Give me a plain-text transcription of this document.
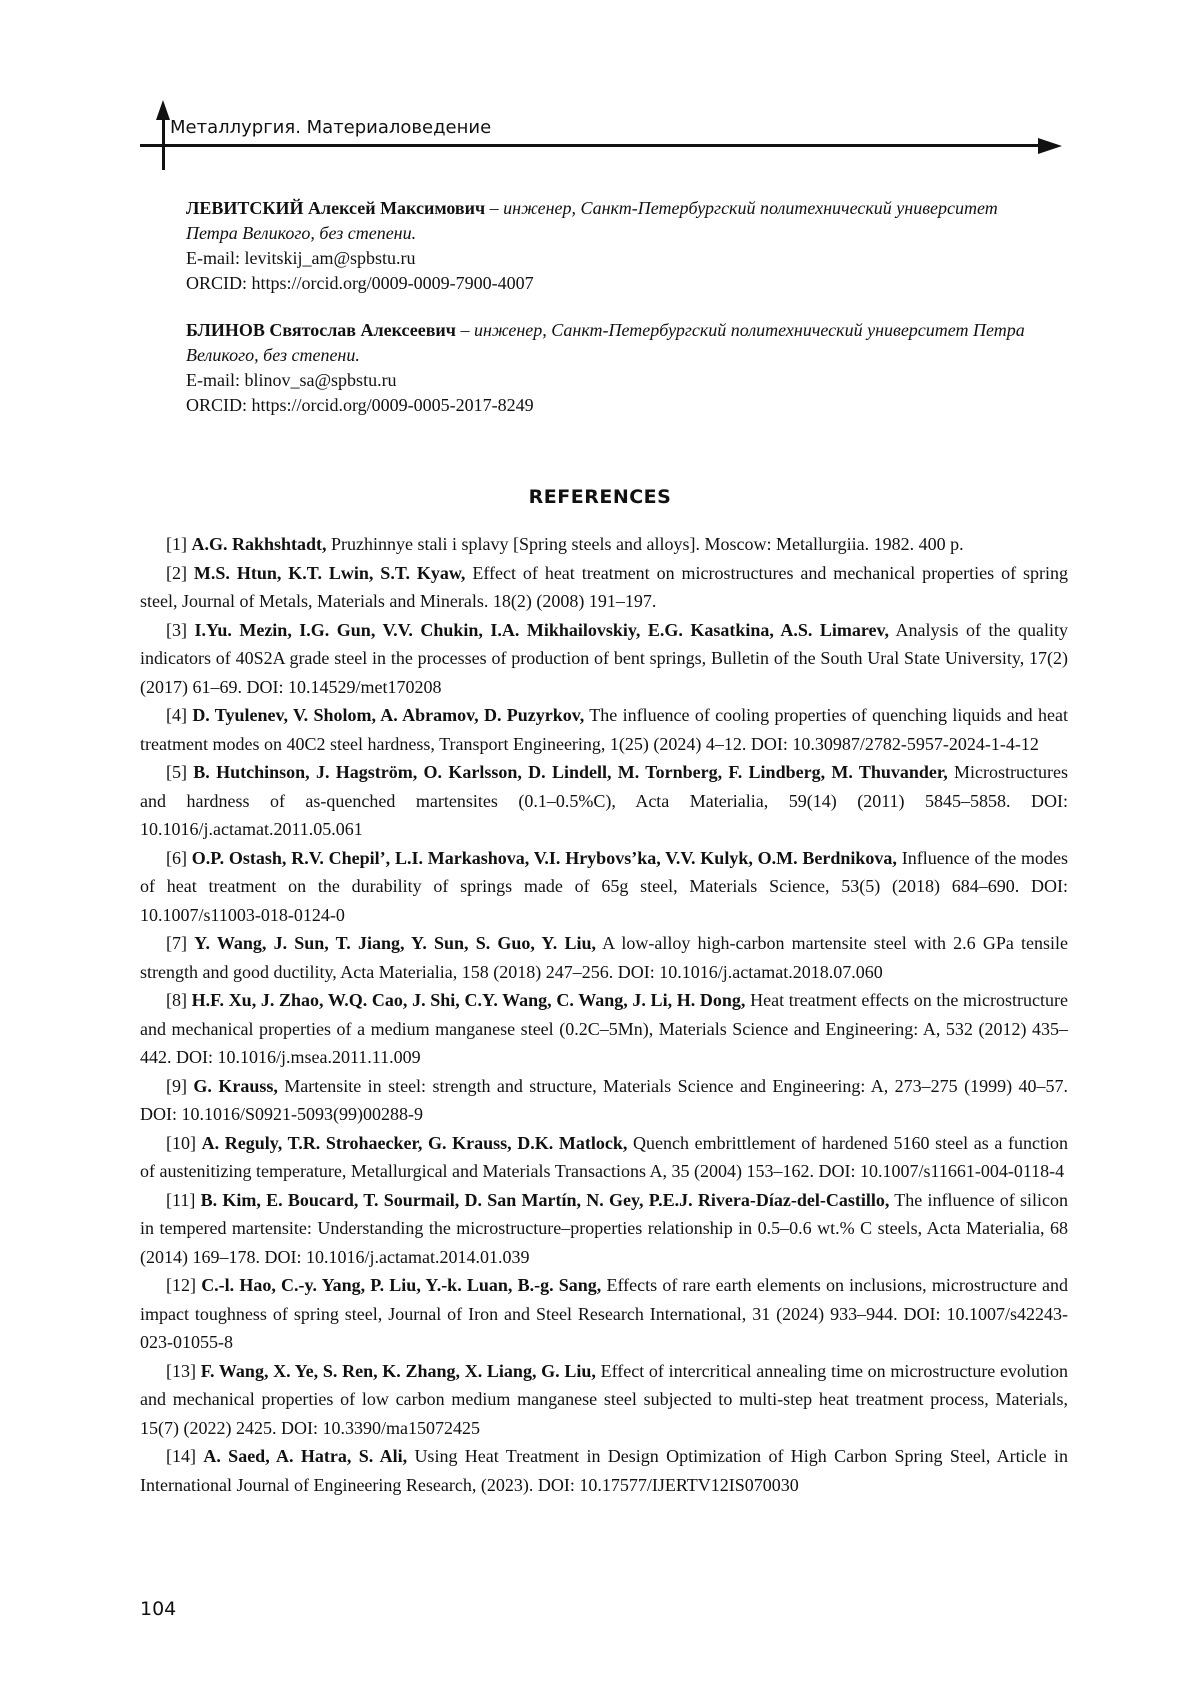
Металлургия. Материаловедение

ЛЕВИТСКИЙ Алексей Максимович – инженер, Санкт-Петербургский политехнический университет Петра Великого, без степени.

E-mail: levitskij_am@spbstu.ru

ORCID: https://orcid.org/0009-0009-7900-4007

БЛИНОВ Святослав Алексеевич – инженер, Санкт-Петербургский политехнический университет Петра Великого, без степени.

E-mail: blinov_sa@spbstu.ru

ORCID: https://orcid.org/0009-0005-2017-8249

REFERENCES

[1] A.G. Rakhshtadt, Pruzhinnye stali i splavy [Spring steels and alloys]. Moscow: Metallurgiia. 1982. 400 p.

[2] M.S. Htun, K.T. Lwin, S.T. Kyaw, Effect of heat treatment on microstructures and mechanical properties of spring steel, Journal of Metals, Materials and Minerals. 18(2) (2008) 191–197.

[3] I.Yu. Mezin, I.G. Gun, V.V. Chukin, I.A. Mikhailovskiy, E.G. Kasatkina, A.S. Limarev, Analysis of the quality indicators of 40S2A grade steel in the processes of production of bent springs, Bulletin of the South Ural State University, 17(2) (2017) 61–69. DOI: 10.14529/met170208

[4] D. Tyulenev, V. Sholom, A. Abramov, D. Puzyrkov, The influence of cooling properties of quenching liquids and heat treatment modes on 40C2 steel hardness, Transport Engineering, 1(25) (2024) 4–12. DOI: 10.30987/2782-5957-2024-1-4-12

[5] B. Hutchinson, J. Hagström, O. Karlsson, D. Lindell, M. Tornberg, F. Lindberg, M. Thuvander, Microstructures and hardness of as-quenched martensites (0.1–0.5%C), Acta Materialia, 59(14) (2011) 5845–5858. DOI: 10.1016/j.actamat.2011.05.061

[6] O.P. Ostash, R.V. Chepil’, L.I. Markashova, V.I. Hrybovs’ka, V.V. Kulyk, O.M. Berdnikova, Influence of the modes of heat treatment on the durability of springs made of 65g steel, Materials Science, 53(5) (2018) 684–690. DOI: 10.1007/s11003-018-0124-0

[7] Y. Wang, J. Sun, T. Jiang, Y. Sun, S. Guo, Y. Liu, A low-alloy high-carbon martensite steel with 2.6 GPa tensile strength and good ductility, Acta Materialia, 158 (2018) 247–256. DOI: 10.1016/j.actamat.2018.07.060

[8] H.F. Xu, J. Zhao, W.Q. Cao, J. Shi, C.Y. Wang, C. Wang, J. Li, H. Dong, Heat treatment effects on the microstructure and mechanical properties of a medium manganese steel (0.2C–5Mn), Materials Science and Engineering: A, 532 (2012) 435–442. DOI: 10.1016/j.msea.2011.11.009

[9] G. Krauss, Martensite in steel: strength and structure, Materials Science and Engineering: A, 273–275 (1999) 40–57. DOI: 10.1016/S0921-5093(99)00288-9

[10] A. Reguly, T.R. Strohaecker, G. Krauss, D.K. Matlock, Quench embrittlement of hardened 5160 steel as a function of austenitizing temperature, Metallurgical and Materials Transactions A, 35 (2004) 153–162. DOI: 10.1007/s11661-004-0118-4

[11] B. Kim, E. Boucard, T. Sourmail, D. San Martín, N. Gey, P.E.J. Rivera-Díaz-del-Castillo, The influence of silicon in tempered martensite: Understanding the microstructure–properties relationship in 0.5–0.6 wt.% C steels, Acta Materialia, 68 (2014) 169–178. DOI: 10.1016/j.actamat.2014.01.039

[12] C.-l. Hao, C.-y. Yang, P. Liu, Y.-k. Luan, B.-g. Sang, Effects of rare earth elements on inclusions, microstructure and impact toughness of spring steel, Journal of Iron and Steel Research International, 31 (2024) 933–944. DOI: 10.1007/s42243-023-01055-8

[13] F. Wang, X. Ye, S. Ren, K. Zhang, X. Liang, G. Liu, Effect of intercritical annealing time on microstructure evolution and mechanical properties of low carbon medium manganese steel subjected to multi-step heat treatment process, Materials, 15(7) (2022) 2425. DOI: 10.3390/ma15072425

[14] A. Saed, A. Hatra, S. Ali, Using Heat Treatment in Design Optimization of High Carbon Spring Steel, Article in International Journal of Engineering Research, (2023). DOI: 10.17577/IJERTV12IS070030

104
